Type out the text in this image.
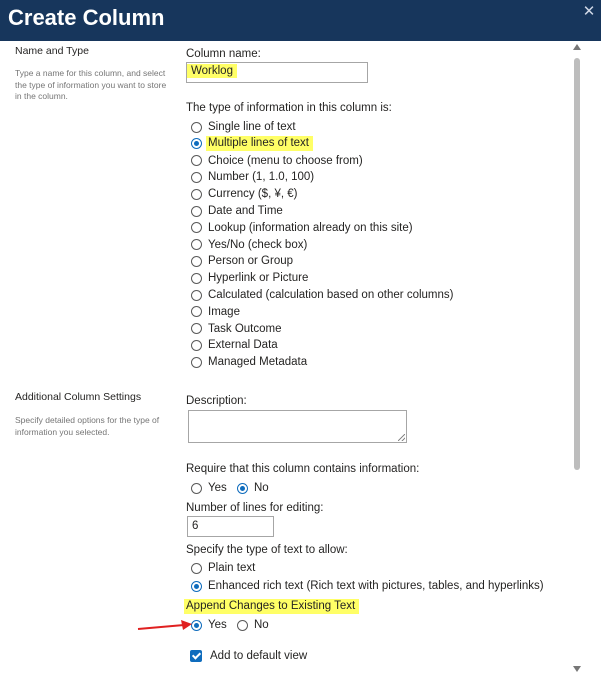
Create Column	✕
Name and Type
Type a name for this column, and select the type of information you want to store in the column.
Column name:
Worklog
The type of information in this column is:
Single line of text
Multiple lines of text
Choice (menu to choose from)
Number (1, 1.0, 100)
Currency ($, ¥, €)
Date and Time
Lookup (information already on this site)
Yes/No (check box)
Person or Group
Hyperlink or Picture
Calculated (calculation based on other columns)
Image
Task Outcome
External Data
Managed Metadata
Additional Column Settings
Specify detailed options for the type of information you selected.
Description:
Require that this column contains information:
Yes No
Number of lines for editing:
6
Specify the type of text to allow:
Plain text
Enhanced rich text (Rich text with pictures, tables, and hyperlinks)
Append Changes to Existing Text
Yes No
Add to default view
